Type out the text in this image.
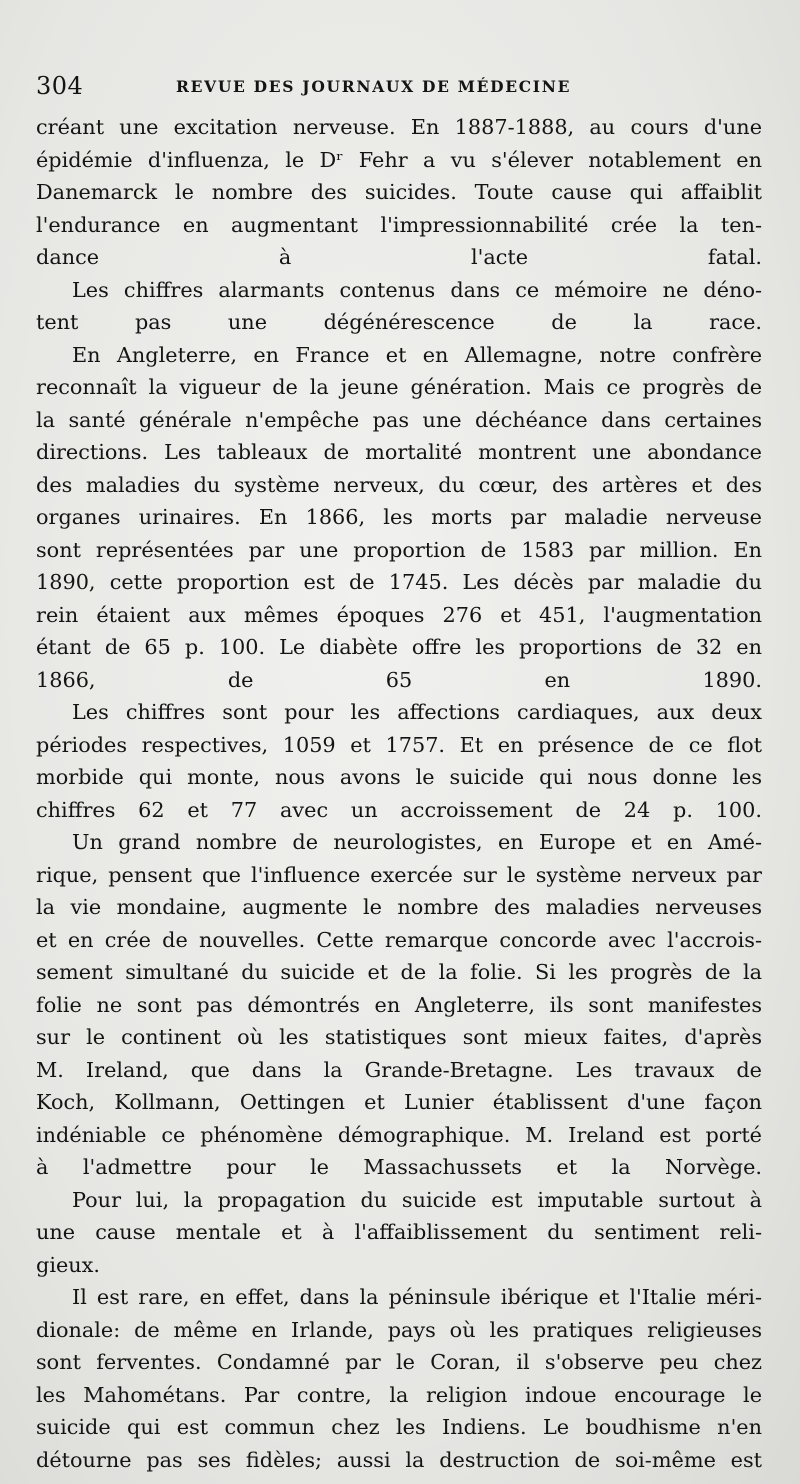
304	REVUE DES JOURNAUX DE MÉDECINE
créant une excitation nerveuse. En 1887-1888, au cours d'une
épidémie d'influenza, le Dʳ Fehr a vu s'élever notablement en
Danemarck le nombre des suicides. Toute cause qui affaiblit
l'endurance en augmentant l'impressionnabilité crée la ten-
dance à l'acte fatal.
Les chiffres alarmants contenus dans ce mémoire ne déno-
tent pas une dégénérescence de la race.
En Angleterre, en France et en Allemagne, notre confrère
reconnaît la vigueur de la jeune génération. Mais ce progrès de
la santé générale n'empêche pas une déchéance dans certaines
directions. Les tableaux de mortalité montrent une abondance
des maladies du système nerveux, du cœur, des artères et des
organes urinaires. En 1866, les morts par maladie nerveuse
sont représentées par une proportion de 1583 par million. En
1890, cette proportion est de 1745. Les décès par maladie du
rein étaient aux mêmes époques 276 et 451, l'augmentation
étant de 65 p. 100. Le diabète offre les proportions de 32 en
1866, de 65 en 1890.
Les chiffres sont pour les affections cardiaques, aux deux
périodes respectives, 1059 et 1757. Et en présence de ce flot
morbide qui monte, nous avons le suicide qui nous donne les
chiffres 62 et 77 avec un accroissement de 24 p. 100.
Un grand nombre de neurologistes, en Europe et en Amé-
rique, pensent que l'influence exercée sur le système nerveux par
la vie mondaine, augmente le nombre des maladies nerveuses
et en crée de nouvelles. Cette remarque concorde avec l'accrois-
sement simultané du suicide et de la folie. Si les progrès de la
folie ne sont pas démontrés en Angleterre, ils sont manifestes
sur le continent où les statistiques sont mieux faites, d'après
M. Ireland, que dans la Grande-Bretagne. Les travaux de
Koch, Kollmann, Oettingen et Lunier établissent d'une façon
indéniable ce phénomène démographique. M. Ireland est porté
à l'admettre pour le Massachussets et la Norvège.
Pour lui, la propagation du suicide est imputable surtout à
une cause mentale et à l'affaiblissement du sentiment reli-
gieux.
Il est rare, en effet, dans la péninsule ibérique et l'Italie méri-
dionale: de même en Irlande, pays où les pratiques religieuses
sont ferventes. Condamné par le Coran, il s'observe peu chez
les Mahométans. Par contre, la religion indoue encourage le
suicide qui est commun chez les Indiens. Le boudhisme n'en
détourne pas ses fidèles; aussi la destruction de soi-même est
